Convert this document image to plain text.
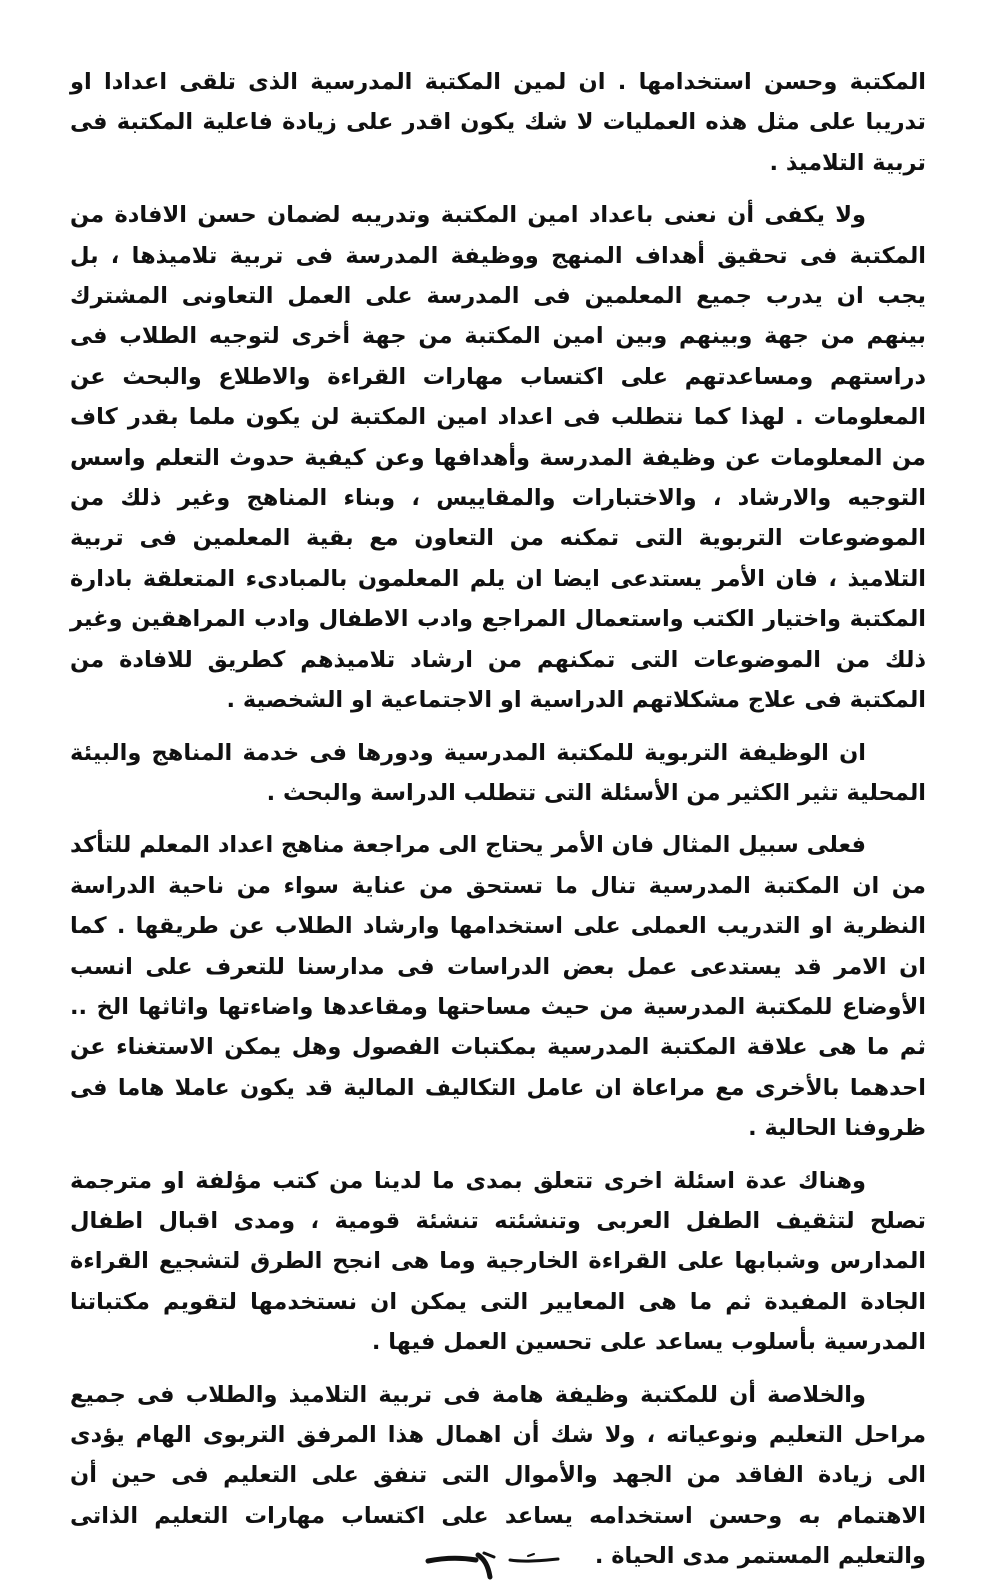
المكتبة وحسن استخدامها . ان لمين المكتبة المدرسية الذى تلقى اعدادا او تدريبا على مثل هذه العمليات لا شك يكون اقدر على زيادة فاعلية المكتبة فى تربية التلاميذ .

ولا يكفى أن نعنى باعداد امين المكتبة وتدريبه لضمان حسن الافادة من المكتبة فى تحقيق أهداف المنهج ووظيفة المدرسة فى تربية تلاميذها ، بل يجب ان يدرب جميع المعلمين فى المدرسة على العمل التعاونى المشترك بينهم من جهة وبينهم وبين امين المكتبة من جهة أخرى لتوجيه الطلاب فى دراستهم ومساعدتهم على اكتساب مهارات القراءة والاطلاع والبحث عن المعلومات . لهذا كما نتطلب فى اعداد امين المكتبة لن يكون ملما بقدر كاف من المعلومات عن وظيفة المدرسة وأهدافها وعن كيفية حدوث التعلم واسس التوجيه والارشاد ، والاختبارات والمقاييس ، وبناء المناهج وغير ذلك من الموضوعات التربوية التى تمكنه من التعاون مع بقية المعلمين فى تربية التلاميذ ، فان الأمر يستدعى ايضا ان يلم المعلمون بالمبادىء المتعلقة بادارة المكتبة واختيار الكتب واستعمال المراجع وادب الاطفال وادب المراهقين وغير ذلك من الموضوعات التى تمكنهم من ارشاد تلاميذهم كطريق للافادة من المكتبة فى علاج مشكلاتهم الدراسية او الاجتماعية او الشخصية .

ان الوظيفة التربوية للمكتبة المدرسية ودورها فى خدمة المناهج والبيئة المحلية تثير الكثير من الأسئلة التى تتطلب الدراسة والبحث .

فعلى سبيل المثال فان الأمر يحتاج الى مراجعة مناهج اعداد المعلم للتأكد من ان المكتبة المدرسية تنال ما تستحق من عناية سواء من ناحية الدراسة النظرية او التدريب العملى على استخدامها وارشاد الطلاب عن طريقها . كما ان الامر قد يستدعى عمل بعض الدراسات فى مدارسنا للتعرف على انسب الأوضاع للمكتبة المدرسية من حيث مساحتها ومقاعدها واضاءتها واثاثها الخ .. ثم ما هى علاقة المكتبة المدرسية بمكتبات الفصول وهل يمكن الاستغناء عن احدهما بالأخرى مع مراعاة ان عامل التكاليف المالية قد يكون عاملا هاما فى ظروفنا الحالية .

وهناك عدة اسئلة اخرى تتعلق بمدى ما لدينا من كتب مؤلفة او مترجمة تصلح لتثقيف الطفل العربى وتنشئته تنشئة قومية ، ومدى اقبال اطفال المدارس وشبابها على القراءة الخارجية وما هى انجح الطرق لتشجيع القراءة الجادة المفيدة ثم ما هى المعايير التى يمكن ان نستخدمها لتقويم مكتباتنا المدرسية بأسلوب يساعد على تحسين العمل فيها .

والخلاصة أن للمكتبة وظيفة هامة فى تربية التلاميذ والطلاب فى جميع مراحل التعليم ونوعياته ، ولا شك أن اهمال هذا المرفق التربوى الهام يؤدى الى زيادة الفاقد من الجهد والأموال التى تنفق على التعليم فى حين أن الاهتمام به وحسن استخدامه يساعد على اكتساب مهارات التعليم الذاتى والتعليم المستمر مدى الحياة .
